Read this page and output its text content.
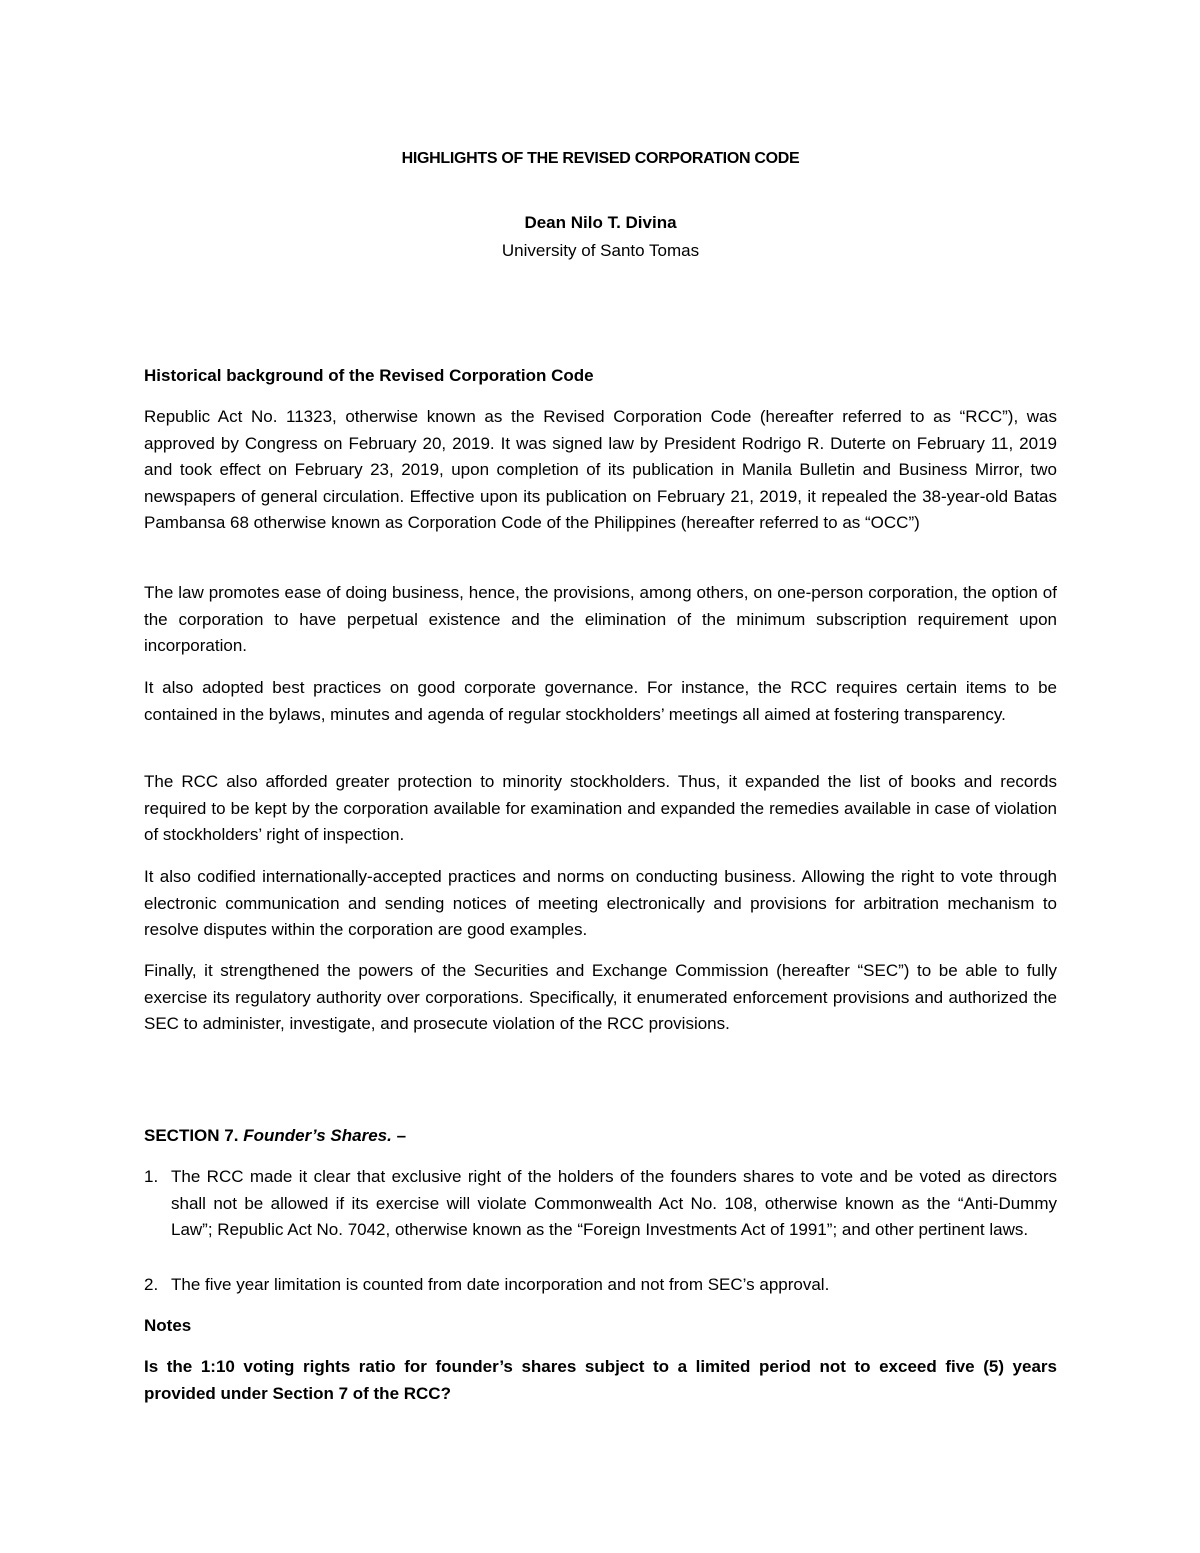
HIGHLIGHTS OF THE REVISED CORPORATION CODE
Dean Nilo T. Divina
University of Santo Tomas
Historical background of the Revised Corporation Code

Republic Act No. 11323, otherwise known as the Revised Corporation Code (hereafter referred to as “RCC”), was approved by Congress on February 20, 2019. It was signed law by President Rodrigo R. Duterte on February 11, 2019 and took effect on February 23, 2019, upon completion of its publication in Manila Bulletin and Business Mirror, two newspapers of general circulation. Effective upon its publication on February 21, 2019, it repealed the 38-year-old Batas Pambansa 68 otherwise known as Corporation Code of the Philippines (hereafter referred to as “OCC”)

The law promotes ease of doing business, hence, the provisions, among others, on one-person corporation, the option of the corporation to have perpetual existence and the elimination of the minimum subscription requirement upon incorporation.

It also adopted best practices on good corporate governance. For instance, the RCC requires certain items to be contained in the bylaws, minutes and agenda of regular stockholders’ meetings all aimed at fostering transparency.

The RCC also afforded greater protection to minority stockholders. Thus, it expanded the list of books and records required to be kept by the corporation available for examination and expanded the remedies available in case of violation of stockholders’ right of inspection.

It also codified internationally-accepted practices and norms on conducting business. Allowing the right to vote through electronic communication and sending notices of meeting electronically and provisions for arbitration mechanism to resolve disputes within the corporation are good examples.

Finally, it strengthened the powers of the Securities and Exchange Commission (hereafter “SEC”) to be able to fully exercise its regulatory authority over corporations. Specifically, it enumerated enforcement provisions and authorized the SEC to administer, investigate, and prosecute violation of the RCC provisions.

SECTION 7. Founder’s Shares. –
1. The RCC made it clear that exclusive right of the holders of the founders shares to vote and be voted as directors shall not be allowed if its exercise will violate Commonwealth Act No. 108, otherwise known as the “Anti-Dummy Law”; Republic Act No. 7042, otherwise known as the “Foreign Investments Act of 1991”; and other pertinent laws.
2. The five year limitation is counted from date incorporation and not from SEC’s approval.
Notes

Is the 1:10 voting rights ratio for founder’s shares subject to a limited period not to exceed five (5) years provided under Section 7 of the RCC?
